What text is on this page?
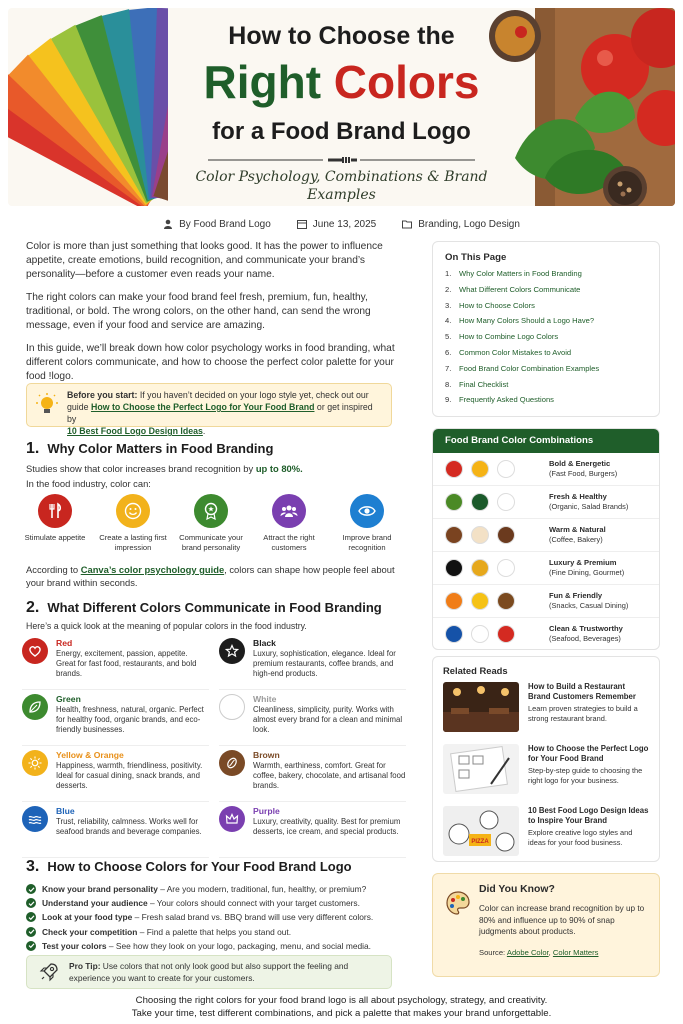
How to Choose the
Right Colors
for a Food Brand Logo
Color Psychology, Combinations & Brand Examples
By Food Brand Logo	June 13, 2025	Branding, Logo Design

Color is more than just something that looks good. It has the power to influence appetite, create emotions, build recognition, and communicate your brand’s personality—before a customer even reads your name.

The right colors can make your food brand feel fresh, premium, fun, healthy, traditional, or bold. The wrong colors, on the other hand, can send the wrong message, even if your food and service are amazing.

In this guide, we’ll break down how color psychology works in food branding, what different colors communicate, and how to choose the perfect color palette for your food !logo.

Before you start: If you haven’t decided on your logo style yet, check out our guide How to Choose the Perfect Logo for Your Food Brand or get inspired by
10 Best Food Logo Design Ideas.
1. Why Color Matters in Food Branding
Studies show that color increases brand recognition by up to 80%.
In the food industry, color can:
Stimulate appetite	Create a lasting first impression
Communicate your brand personality
Attract the right customers
Improve brand recognition
According to Canva’s color psychology guide, colors can shape how people feel about your brand within seconds.
2. What Different Colors Communicate in Food Branding
Here’s a quick look at the meaning of popular colors in the food industry.
Red
Energy, excitement, passion, appetite. Great for fast food, restaurants, and bold brands.
Black
Luxury, sophistication, elegance. Ideal for premium restaurants, coffee brands, and high-end products.
Green
Health, freshness, natural, organic. Perfect for healthy food, organic brands, and eco-friendly businesses.
White
Cleanliness, simplicity, purity. Works with almost every brand for a clean and minimal look.
Yellow & Orange
Happiness, warmth, friendliness, positivity. Ideal for casual dining, snack brands, and desserts.
Brown
Warmth, earthiness, comfort. Great for coffee, bakery, chocolate, and artisanal food brands.
Blue
Trust, reliability, calmness. Works well for seafood brands and beverage companies.
Purple
Luxury, creativity, quality. Best for premium desserts, ice cream, and special products.
3. How to Choose Colors for Your Food Brand Logo
Know your brand personality – Are you modern, traditional, fun, healthy, or premium?
Understand your audience – Your colors should connect with your target customers.
Look at your food type – Fresh salad brand vs. BBQ brand will use very different colors.
Check your competition – Find a palette that helps you stand out.
Test your colors – See how they look on your logo, packaging, menu, and social media.
Pro Tip: Use colors that not only look good but also support the feeling and experience you want to create for your customers.
Choosing the right colors for your food brand logo is all about psychology, strategy, and creativity.
Take your time, test different combinations, and pick a palette that makes your brand unforgettable.
On This Page
1. Why Color Matters in Food Branding
2. What Different Colors Communicate
3. How to Choose Colors
4. How Many Colors Should a Logo Have?
5. How to Combine Logo Colors
6. Common Color Mistakes to Avoid
7. Food Brand Color Combination Examples
8. Final Checklist
9. Frequently Asked Questions
Food Brand Color Combinations
Bold & Energetic
(Fast Food, Burgers)
Fresh & Healthy
(Organic, Salad Brands)
Warm & Natural
(Coffee, Bakery)
Luxury & Premium
(Fine Dining, Gourmet)
Fun & Friendly
(Snacks, Casual Dining)
Clean & Trustworthy
(Seafood, Beverages)
Related Reads
How to Build a Restaurant Brand Customers Remember
Learn proven strategies to build a strong restaurant brand.
How to Choose the Perfect Logo for Your Food Brand
Step-by-step guide to choosing the right logo for your business.
PIZZA
10 Best Food Logo Design Ideas to Inspire Your Brand
Explore creative logo styles and ideas for your food business.
Did You Know?
Color can increase brand recognition by up to 80% and influence up to 90% of snap judgments about products.
Source: Adobe Color, Color Matters
